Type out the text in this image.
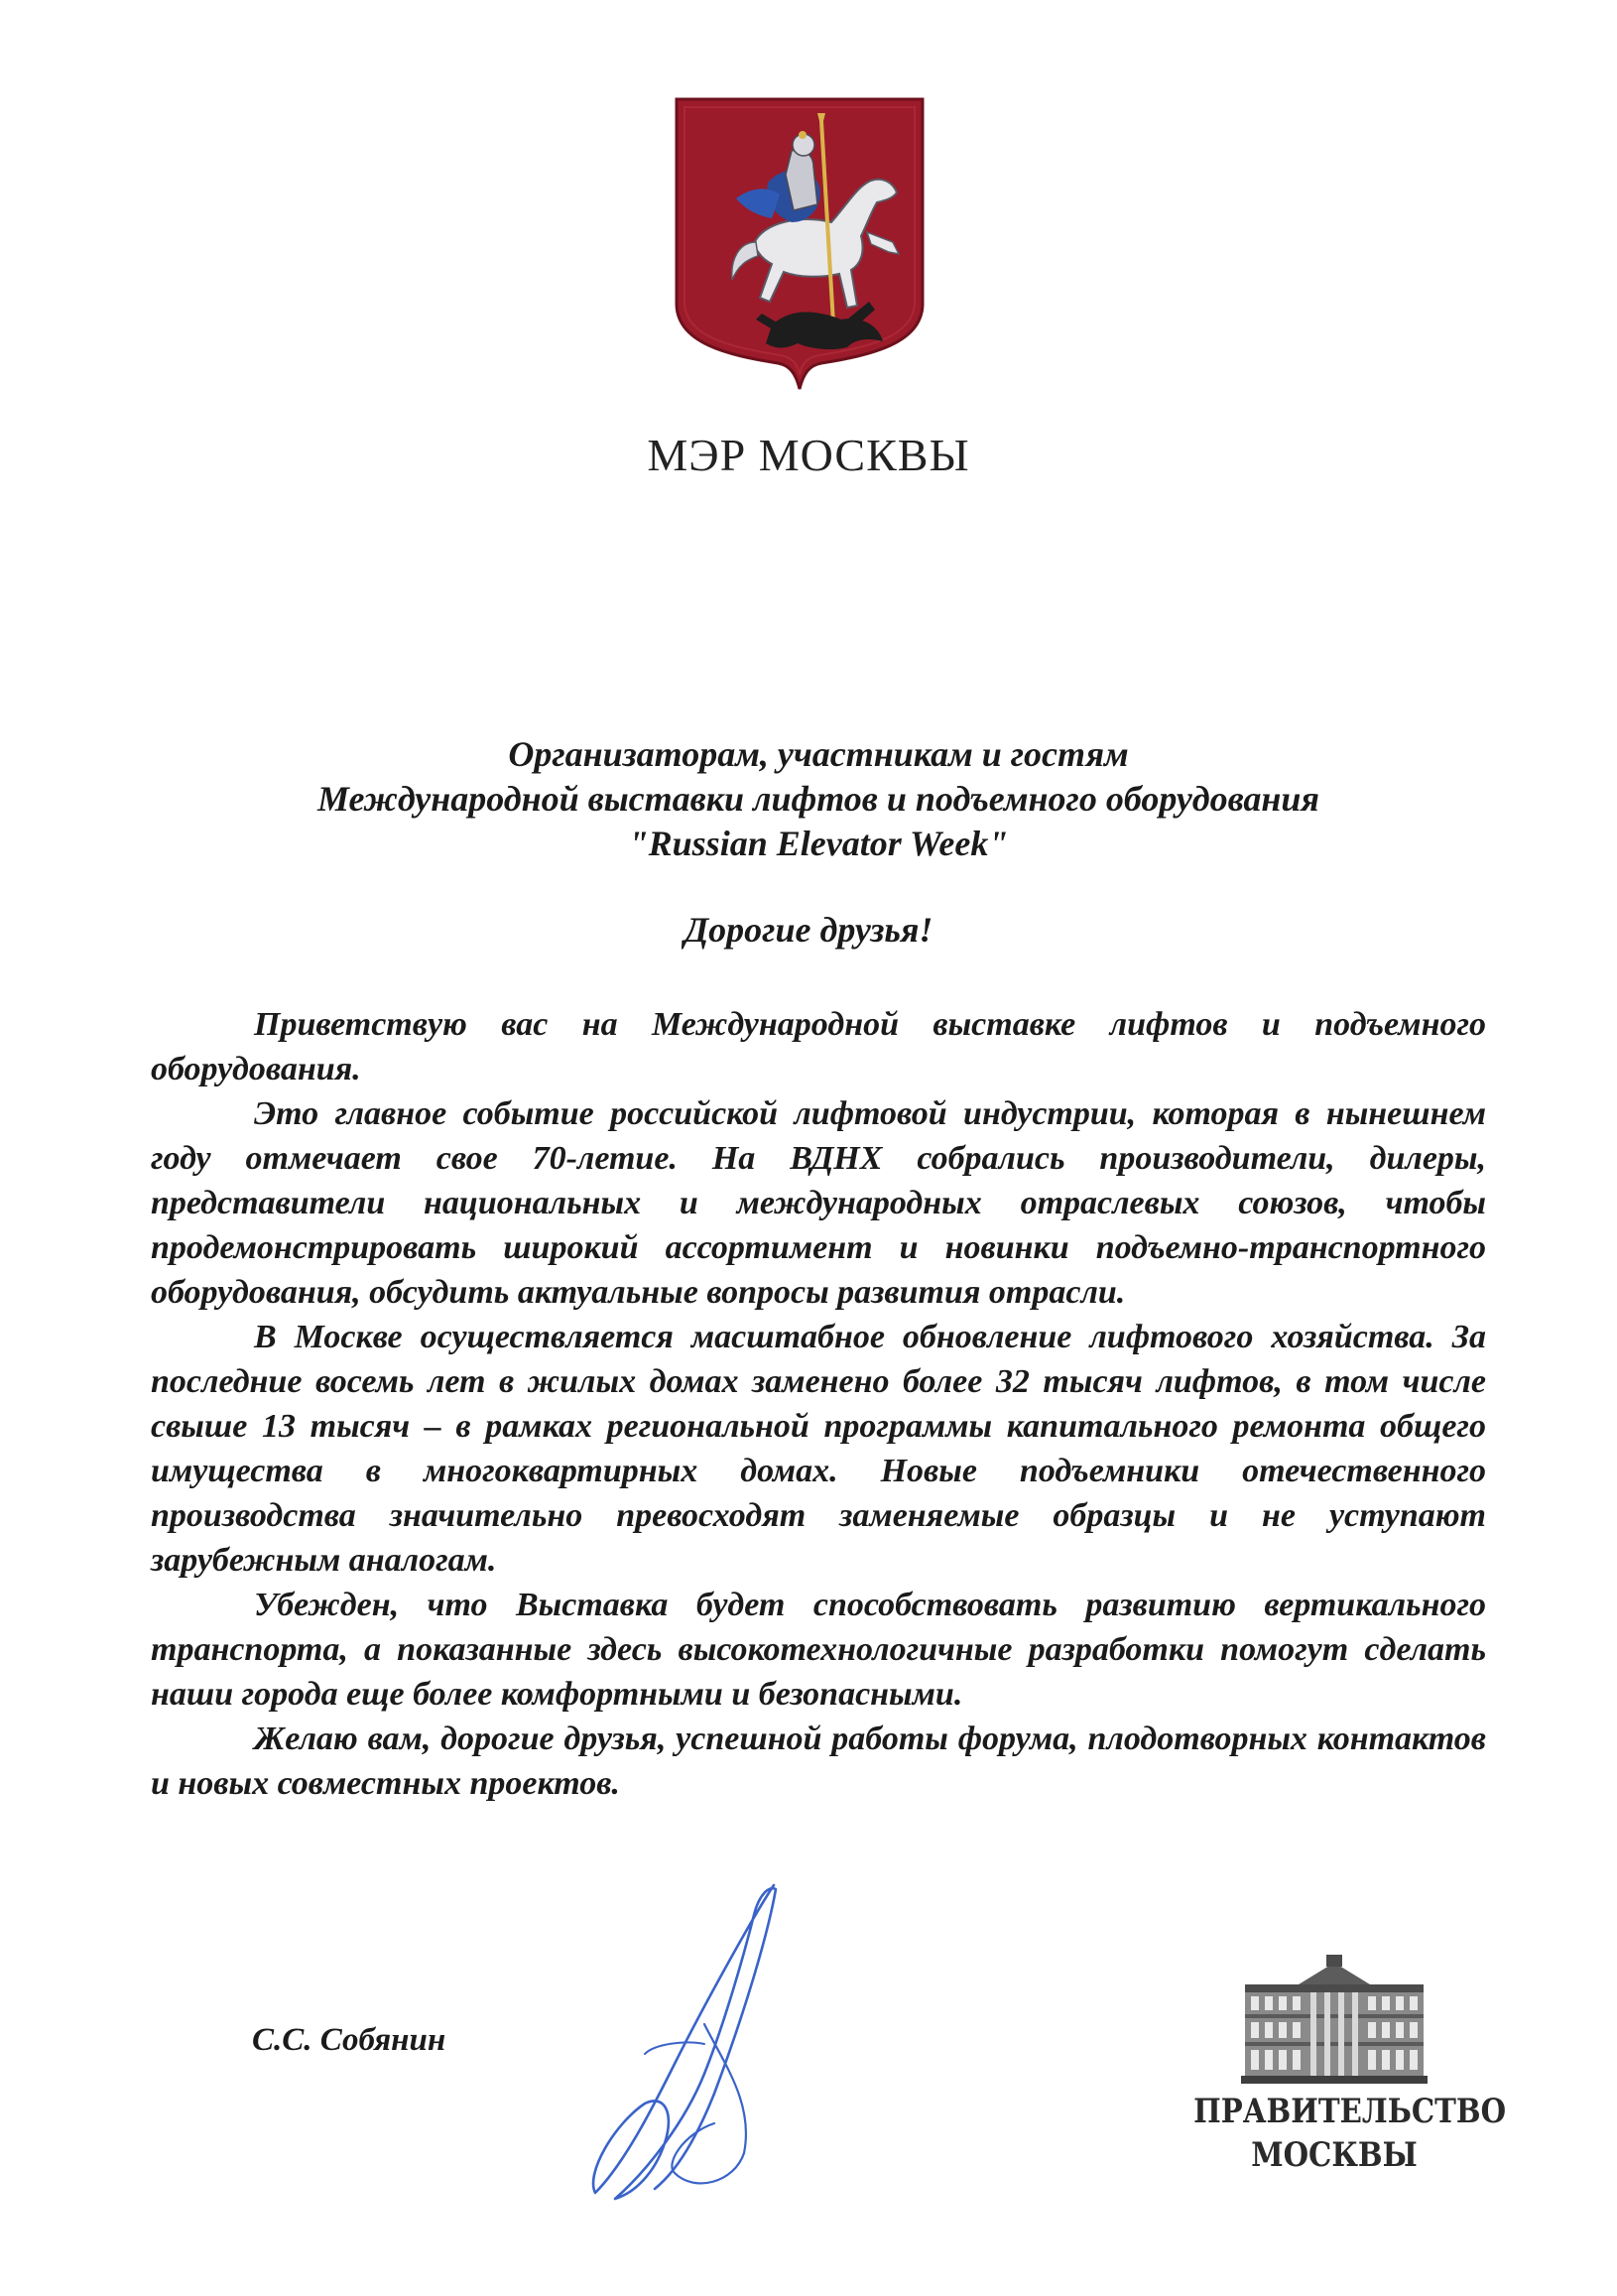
МЭР МОСКВЫ
Организаторам, участникам и гостям
Международной выставки лифтов и подъемного оборудования
"Russian Elevator Week"
Дорогие друзья!

Приветствую вас на Международной выставке лифтов и подъемного оборудования.

Это главное событие российской лифтовой индустрии, которая в нынешнем году отмечает свое 70-летие. На ВДНХ собрались производители, дилеры, представители национальных и международных отраслевых союзов, чтобы продемонстрировать широкий ассортимент и новинки подъемно-транспортного оборудования, обсудить актуальные вопросы развития отрасли.

В Москве осуществляется масштабное обновление лифтового хозяйства. За последние восемь лет в жилых домах заменено более 32 тысяч лифтов, в том числе свыше 13 тысяч – в рамках региональной программы капитального ремонта общего имущества в многоквартирных домах. Новые подъемники отечественного производства значительно превосходят заменяемые образцы и не уступают зарубежным аналогам.

Убежден, что Выставка будет способствовать развитию вертикального транспорта, а показанные здесь высокотехнологичные разработки помогут сделать наши города еще более комфортными и безопасными.

Желаю вам, дорогие друзья, успешной работы форума, плодотворных контактов и новых совместных проектов.

С.С. Собянин
ПРАВИТЕЛЬСТВО
МОСКВЫ
